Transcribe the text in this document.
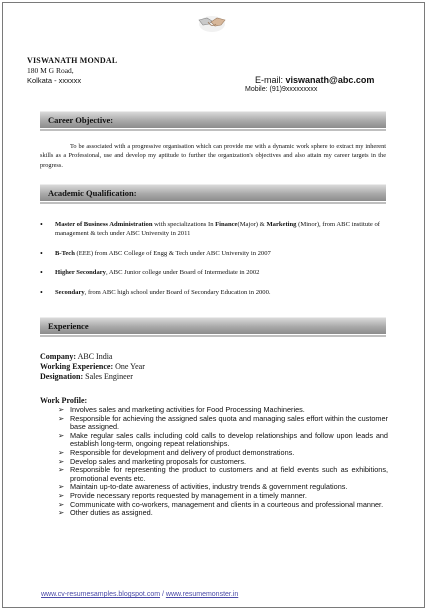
VISWANATH MONDAL
180 M G Road,
Kolkata - xxxxxx	E-mail: viswanath@abc.com
Mobile: (91)9xxxxxxxxx
Career Objective:
To be associated with a progressive organisation which can provide me with a dynamic work sphere to extract my inherent skills as a Professional, use and develop my aptitude to further the organization's objectives and also attain my career targets in the progress.
Academic Qualification:
• Master of Business Administration with specializations In Finance(Major) & Marketing (Minor), from ABC institute of management & tech under ABC University in 2011
• B-Tech (EEE) from ABC College of Engg & Tech under ABC University in 2007
• Higher Secondary, ABC Junior college under Board of Intermediate in 2002
• Secondary, from ABC high school under Board of Secondary Education in 2000.
Experience
Company: ABC India
Working Experience: One Year
Designation: Sales Engineer
Work Profile:
➢ Involves sales and marketing activities for Food Processing Machineries.
➢ Responsible for achieving the assigned sales quota and managing sales effort within the customer base assigned.
➢ Make regular sales calls including cold calls to develop relationships and follow upon leads and establish long-term, ongoing repeat relationships.
➢ Responsible for development and delivery of product demonstrations.
➢ Develop sales and marketing proposals for customers.
➢ Responsible for representing the product to customers and at field events such as exhibitions, promotional events etc.
➢ Maintain up-to-date awareness of activities, industry trends & government regulations.
➢ Provide necessary reports requested by management in a timely manner.
➢ Communicate with co-workers, management and clients in a courteous and professional manner.
➢ Other duties as assigned.
www.cv-resumesamples.blogspot.com / www.resumemonster.in
